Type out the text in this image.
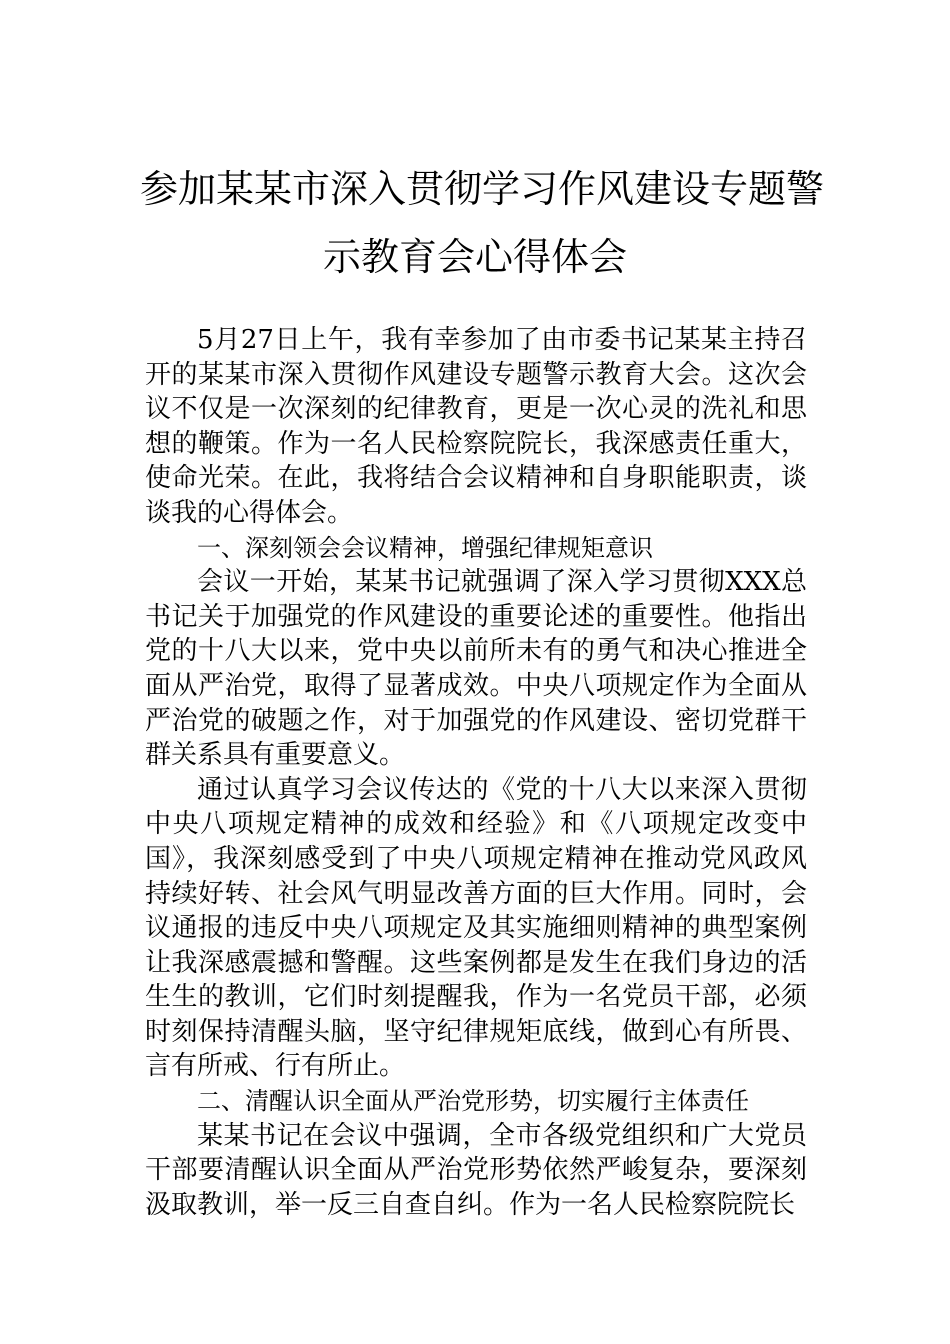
参加某某市深入贯彻学习作风建设专题警
示教育会心得体会

5月27日上午，我有幸参加了由市委书记某某主持召开的某某市深入贯彻作风建设专题警示教育大会。这次会议不仅是一次深刻的纪律教育，更是一次心灵的洗礼和思想的鞭策。作为一名人民检察院院长，我深感责任重大，使命光荣。在此，我将结合会议精神和自身职能职责，谈谈我的心得体会。

一、深刻领会会议精神，增强纪律规矩意识

会议一开始，某某书记就强调了深入学习贯彻XXX总书记关于加强党的作风建设的重要论述的重要性。他指出党的十八大以来，党中央以前所未有的勇气和决心推进全面从严治党，取得了显著成效。中央八项规定作为全面从严治党的破题之作，对于加强党的作风建设、密切党群干群关系具有重要意义。

通过认真学习会议传达的《党的十八大以来深入贯彻中央八项规定精神的成效和经验》和《八项规定改变中国》，我深刻感受到了中央八项规定精神在推动党风政风持续好转、社会风气明显改善方面的巨大作用。同时，会议通报的违反中央八项规定及其实施细则精神的典型案例让我深感震撼和警醒。这些案例都是发生在我们身边的活生生的教训，它们时刻提醒我，作为一名党员干部，必须时刻保持清醒头脑，坚守纪律规矩底线，做到心有所畏、言有所戒、行有所止。

二、清醒认识全面从严治党形势，切实履行主体责任

某某书记在会议中强调，全市各级党组织和广大党员干部要清醒认识全面从严治党形势依然严峻复杂，要深刻汲取教训，举一反三自查自纠。作为一名人民检察院院长
